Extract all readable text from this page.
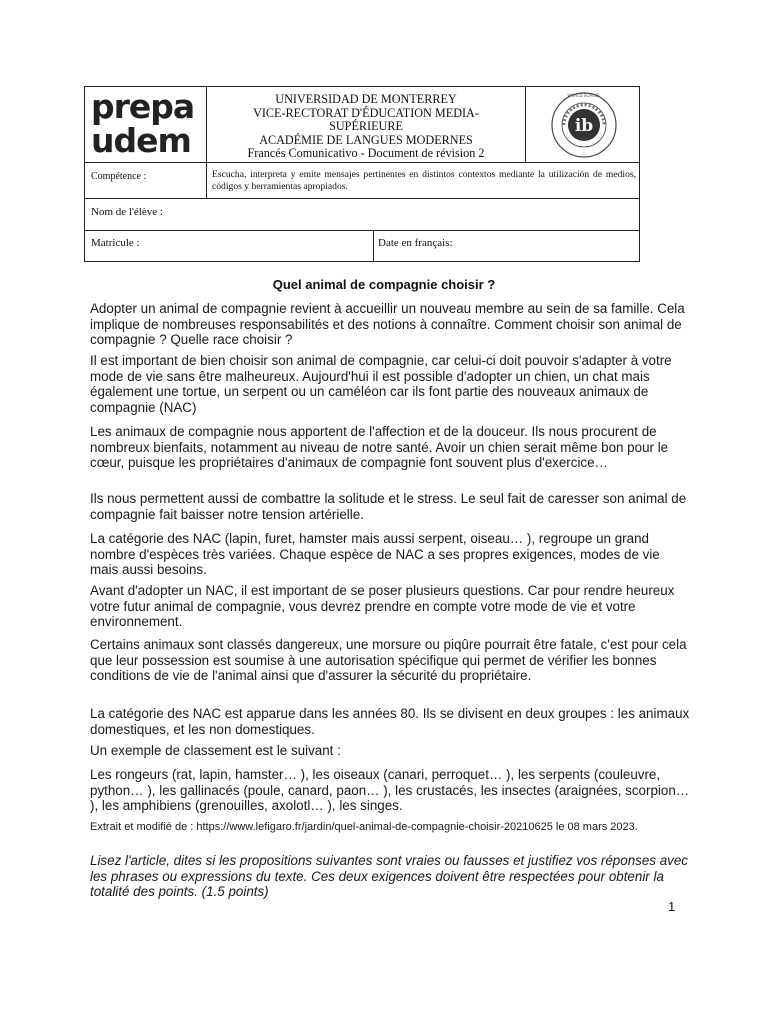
prepa
udem
UNIVERSIDAD DE MONTERREY
VICE-RECTORAT D'ÉDUCATION MEDIA-
SUPÉRIEURE
ACADÉMIE DE LANGUES MODERNES
Francés Comunicativo - Document de révision 2
ib
WORLD SCHOOL
Compétence :	Escucha, interpreta y emite mensajes pertinentes en distintos contextos mediante la utilización de medios, códigos y herramientas apropiados.
Nom de l'élève :
Matricule :	Date en français:
Quel animal de compagnie choisir ?
Adopter un animal de compagnie revient à accueillir un nouveau membre au sein de sa famille. Cela implique de nombreuses responsabilités et des notions à connaître. Comment choisir son animal de compagnie ? Quelle race choisir ?
Il est important de bien choisir son animal de compagnie, car celui-ci doit pouvoir s'adapter à votre mode de vie sans être malheureux. Aujourd'hui il est possible d'adopter un chien, un chat mais également une tortue, un serpent ou un caméléon car ils font partie des nouveaux animaux de compagnie (NAC)
Les animaux de compagnie nous apportent de l'affection et de la douceur. Ils nous procurent de nombreux bienfaits, notamment au niveau de notre santé. Avoir un chien serait même bon pour le cœur, puisque les propriétaires d'animaux de compagnie font souvent plus d'exercice…
Ils nous permettent aussi de combattre la solitude et le stress. Le seul fait de caresser son animal de compagnie fait baisser notre tension artérielle.
La catégorie des NAC (lapin, furet, hamster mais aussi serpent, oiseau… ), regroupe un grand nombre d'espèces très variées. Chaque espèce de NAC a ses propres exigences, modes de vie mais aussi besoins.
Avant d'adopter un NAC, il est important de se poser plusieurs questions. Car pour rendre heureux votre futur animal de compagnie, vous devrez prendre en compte votre mode de vie et votre environnement.
Certains animaux sont classés dangereux, une morsure ou piqûre pourrait être fatale, c'est pour cela que leur possession est soumise à une autorisation spécifique qui permet de vérifier les bonnes conditions de vie de l'animal ainsi que d'assurer la sécurité du propriétaire.
La catégorie des NAC est apparue dans les années 80. Ils se divisent en deux groupes : les animaux domestiques, et les non domestiques.
Un exemple de classement est le suivant :
Les rongeurs (rat, lapin, hamster… ), les oiseaux (canari, perroquet… ), les serpents (couleuvre, python… ), les gallinacés (poule, canard, paon… ), les crustacés, les insectes (araignées, scorpion… ), les amphibiens (grenouilles, axolotl… ), les singes.
Extrait et modifié de : https://www.lefigaro.fr/jardin/quel-animal-de-compagnie-choisir-20210625 le 08 mars 2023.
Lisez l'article, dites si les propositions suivantes sont vraies ou fausses et justifiez vos réponses avec les phrases ou expressions du texte. Ces deux exigences doivent être respectées pour obtenir la totalité des points. (1.5 points)
1
